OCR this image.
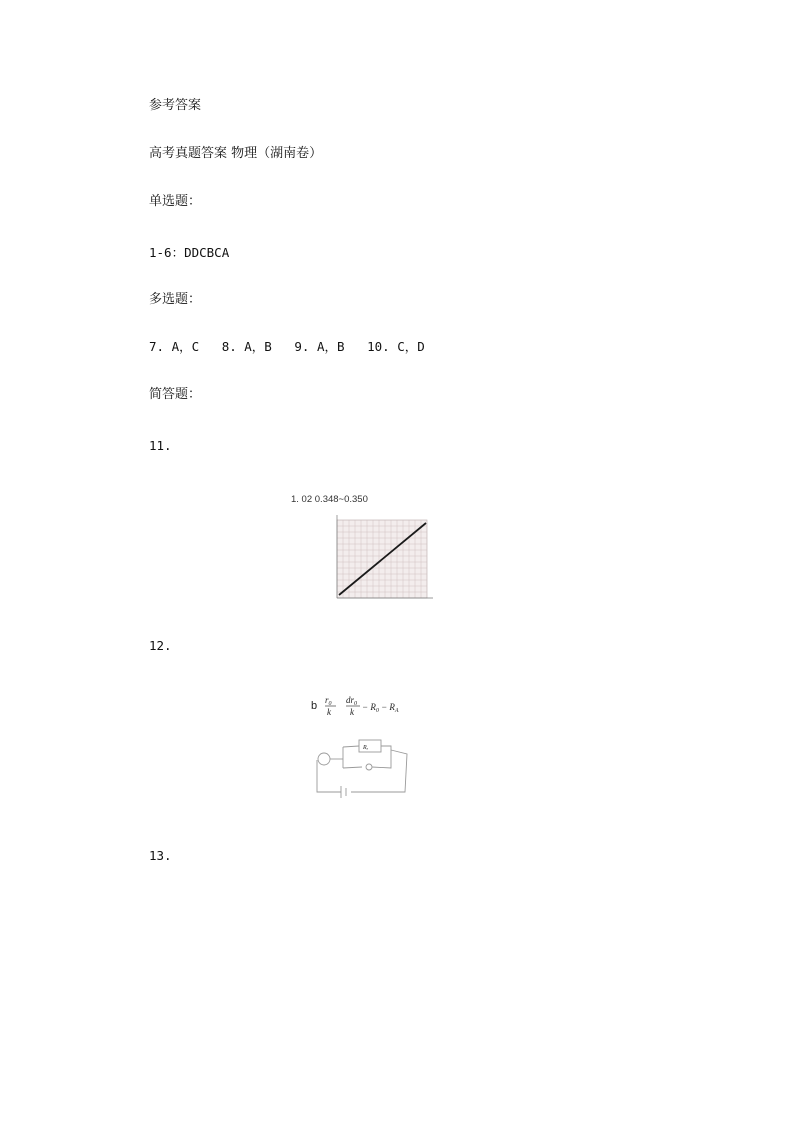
参考答案
高考真题答案 物理（湖南卷）
单选题：
1-6：DDCBCA
多选题：
7. A，C   8. A，B   9. A，B   10. C，D
简答题：
11.
1. 02 0.348~0.350
12.
b $r_0$
k
$dr_0$
$k - R_0 - R_A$
Rₓ
13.
